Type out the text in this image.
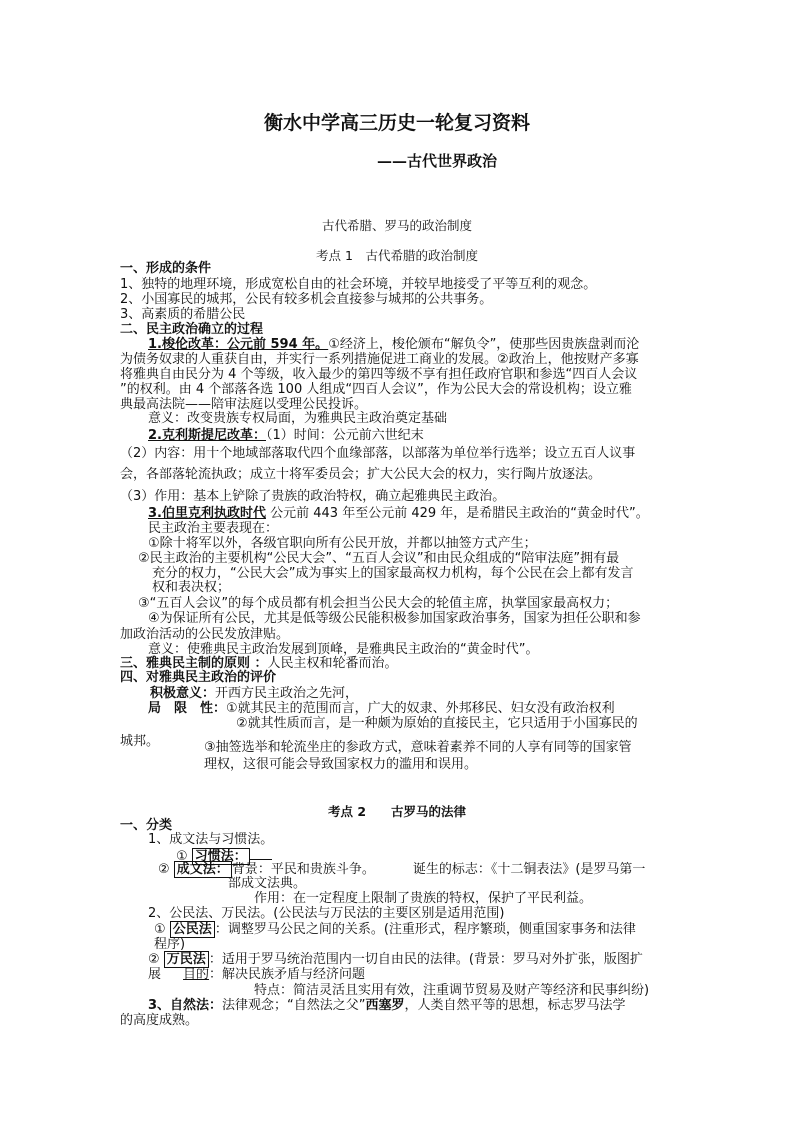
衡水中学高三历史一轮复习资料
——古代世界政治
古代希腊、罗马的政治制度
考点 1　古代希腊的政治制度
一、形成的条件
1、独特的地理环境，形成宽松自由的社会环境，并较早地接受了平等互利的观念。
2、小国寡民的城邦，公民有较多机会直接参与城邦的公共事务。
3、高素质的希腊公民
二、民主政治确立的过程
1.梭伦改革：公元前 594 年。①经济上，梭伦颁布“解负令”，使那些因贵族盘剥而沦
为债务奴隶的人重获自由，并实行一系列措施促进工商业的发展。②政治上，他按财产多寡
将雅典自由民分为 4 个等级，收入最少的第四等级不享有担任政府官职和参选“四百人会议
”的权利。由 4 个部落各选 100 人组成“四百人会议”，作为公民大会的常设机构；设立雅
典最高法院——陪审法庭以受理公民投诉。
意义：改变贵族专权局面，为雅典民主政治奠定基础
2.克利斯提尼改革：（1）时间：公元前六世纪末
（2）内容：用十个地域部落取代四个血缘部落，以部落为单位举行选举；设立五百人议事
会，各部落轮流执政；成立十将军委员会；扩大公民大会的权力，实行陶片放逐法。
（3）作用：基本上铲除了贵族的政治特权，确立起雅典民主政治。
3.伯里克利执政时代 公元前 443 年至公元前 429 年，是希腊民主政治的“黄金时代”。
民主政治主要表现在：
①除十将军以外，各级官职向所有公民开放，并都以抽签方式产生；
②民主政治的主要机构“公民大会”、“五百人会议”和由民众组成的“陪审法庭”拥有最
充分的权力，“公民大会”成为事实上的国家最高权力机构，每个公民在会上都有发言
权和表决权；
③“五百人会议”的每个成员都有机会担当公民大会的轮值主席，执掌国家最高权力；
④为保证所有公民，尤其是低等级公民能积极参加国家政治事务，国家为担任公职和参
加政治活动的公民发放津贴。
意义：使雅典民主政治发展到顶峰，是雅典民主政治的“黄金时代”。
三、雅典民主制的原则 ：人民主权和轮番而治。
四、对雅典民主政治的评价
积极意义：开西方民主政治之先河，
局　限　性：①就其民主的范围而言，广大的奴隶、外邦移民、妇女没有政治权利
②就其性质而言，是一种颇为原始的直接民主，它只适用于小国寡民的
城邦。	③抽签选举和轮流坐庄的参政方式，意味着素养不同的人享有同等的国家管
理权，这很可能会导致国家权力的滥用和误用。
考点 2　　古罗马的法律
一、分类
1、成文法与习惯法。
① 习惯法：
② 成文法： 背景：平民和贵族斗争。	诞生的标志：《十二铜表法》(是罗马第一
部成文法典。
作用：在一定程度上限制了贵族的特权，保护了平民利益。
2、公民法、万民法。(公民法与万民法的主要区别是适用范围)
① 公民法 ：调整罗马公民之间的关系。(注重形式，程序繁琐，侧重国家事务和法律
程序)
② 万民法 ：适用于罗马统治范围内一切自由民的法律。(背景：罗马对外扩张，版图扩
展 目的：解决民族矛盾与经济问题
特点：简洁灵活且实用有效，注重调节贸易及财产等经济和民事纠纷)
3、自然法：法律观念；“自然法之父”西塞罗，人类自然平等的思想，标志罗马法学
的高度成熟。
